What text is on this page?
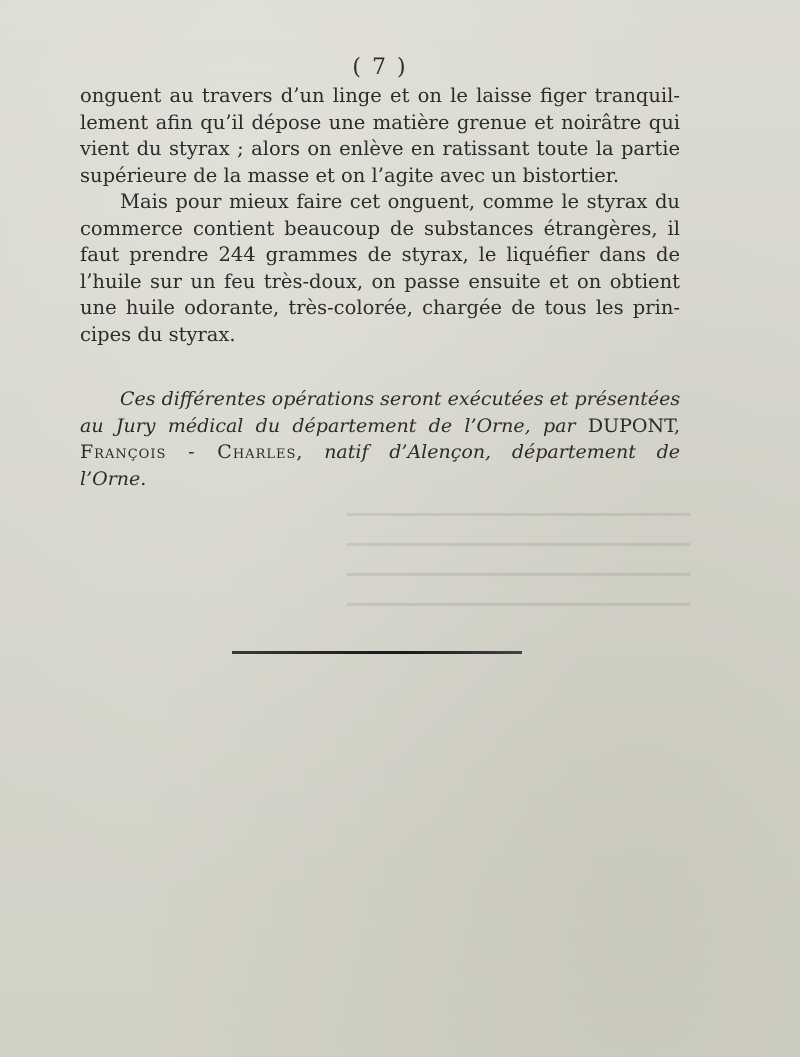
━━━━━━━━━━━━━━━━━━━━━━━━━━━━━━
━━━━━━━━━━━━━━━━━━━━━━━━━━━━━━
━━━━━━━━━━━━━━━━━━━━━━━━━━━━━━
━━━━━━━━━━━━━━━━━━━━━━━━━━━━━━
( 7 )

onguent au travers d’un linge et on le laisse figer tranquil-
lement afin qu’il dépose une matière grenue et noirâtre qui
vient du styrax ; alors on enlève en ratissant toute la partie
supérieure de la masse et on l’agite avec un bistortier.

Mais pour mieux faire cet onguent, comme le styrax du
commerce contient beaucoup de substances étrangères, il
faut prendre 244 grammes de styrax, le liquéfier dans de
l’huile sur un feu très-doux, on passe ensuite et on obtient
une huile odorante, très-colorée, chargée de tous les prin-
cipes du styrax.

Ces différentes opérations seront exécutées et présentées
au Jury médical du département de l’Orne, par DUPONT,
François - Charles, natif d’Alençon, département de
l’Orne.
